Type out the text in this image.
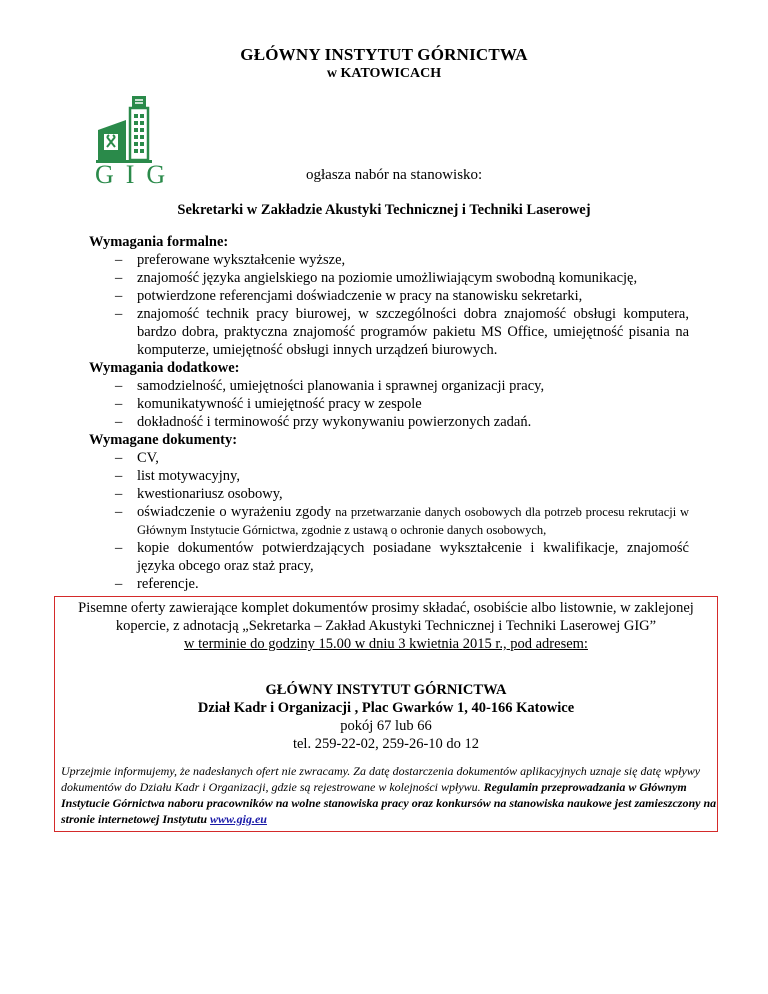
GŁÓWNY INSTYTUT GÓRNICTWA
w KATOWICACH
GIG	ogłasza nabór na stanowisko:
Sekretarki w Zakładzie Akustyki Technicznej i Techniki Laserowej

Wymagania formalne:

– preferowane wykształcenie wyższe,
– znajomość języka angielskiego na poziomie umożliwiającym swobodną komunikację,
– potwierdzone referencjami doświadczenie w pracy na stanowisku sekretarki,
– znajomość technik pracy biurowej, w szczególności dobra znajomość obsługi komputera, bardzo dobra, praktyczna znajomość programów pakietu MS Office, umiejętność pisania na komputerze, umiejętność obsługi innych urządzeń biurowych.

Wymagania dodatkowe:

– samodzielność, umiejętności planowania i sprawnej organizacji pracy,
– komunikatywność i umiejętność pracy w zespole
– dokładność i terminowość przy wykonywaniu powierzonych zadań.

Wymagane dokumenty:

– CV,
– list motywacyjny,
– kwestionariusz osobowy,
– oświadczenie o wyrażeniu zgody na przetwarzanie danych osobowych dla potrzeb procesu rekrutacji w Głównym Instytucie Górnictwa, zgodnie z ustawą o ochronie danych osobowych,
– kopie dokumentów potwierdzających posiadane wykształcenie i kwalifikacje, znajomość języka obcego oraz staż pracy,
– referencje.
Pisemne oferty zawierające komplet dokumentów prosimy składać, osobiście albo listownie, w zaklejonej kopercie, z adnotacją „Sekretarka – Zakład Akustyki Technicznej i Techniki Laserowej GIG”
w terminie do godziny 15.00 w dniu 3 kwietnia 2015 r., pod adresem:
GŁÓWNY INSTYTUT GÓRNICTWA
Dział Kadr i Organizacji , Plac Gwarków 1, 40-166 Katowice
pokój 67 lub 66
tel. 259-22-02, 259-26-10 do 12
Uprzejmie informujemy, że nadesłanych ofert nie zwracamy. Za datę dostarczenia dokumentów aplikacyjnych uznaje się datę wpływy dokumentów do Działu Kadr i Organizacji, gdzie są rejestrowane w kolejności wpływu. Regulamin przeprowadzania w Głównym Instytucie Górnictwa naboru pracowników na wolne stanowiska pracy oraz konkursów na stanowiska naukowe jest zamieszczony na stronie internetowej Instytutu www.gig.eu
